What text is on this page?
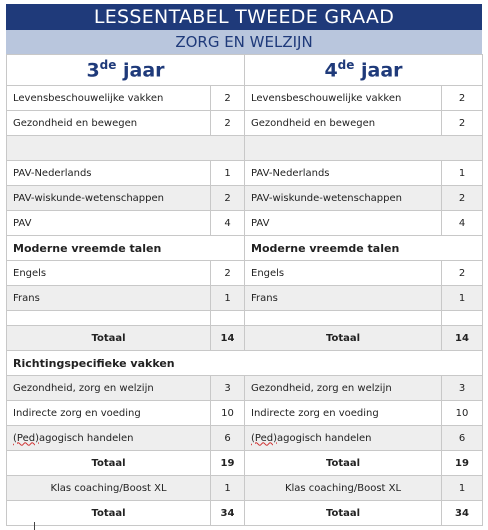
LESSENTABEL TWEEDE GRAAD
ZORG EN WELZIJN
3de jaar		4de jaar	
Levensbeschouwelijke vakken	2	Levensbeschouwelijke vakken	2
Gezondheid en bewegen	2	Gezondheid en bewegen	2

PAV-Nederlands	1	PAV-Nederlands	1
PAV-wiskunde-wetenschappen	2	PAV-wiskunde-wetenschappen	2
PAV	4	PAV	4
Moderne vreemde talen		Moderne vreemde talen	
Engels	2	Engels	2
Frans	1	Frans	1

Totaal	14	Totaal	14
Richtingspecifieke vakken			
Gezondheid, zorg en welzijn	3	Gezondheid, zorg en welzijn	3
Indirecte zorg en voeding	10	Indirecte zorg en voeding	10
(Ped)agogisch handelen	6	(Ped)agogisch handelen	6
Totaal	19	Totaal	19
Klas coaching/Boost XL	1	Klas coaching/Boost XL	1
Totaal	34	Totaal	34
